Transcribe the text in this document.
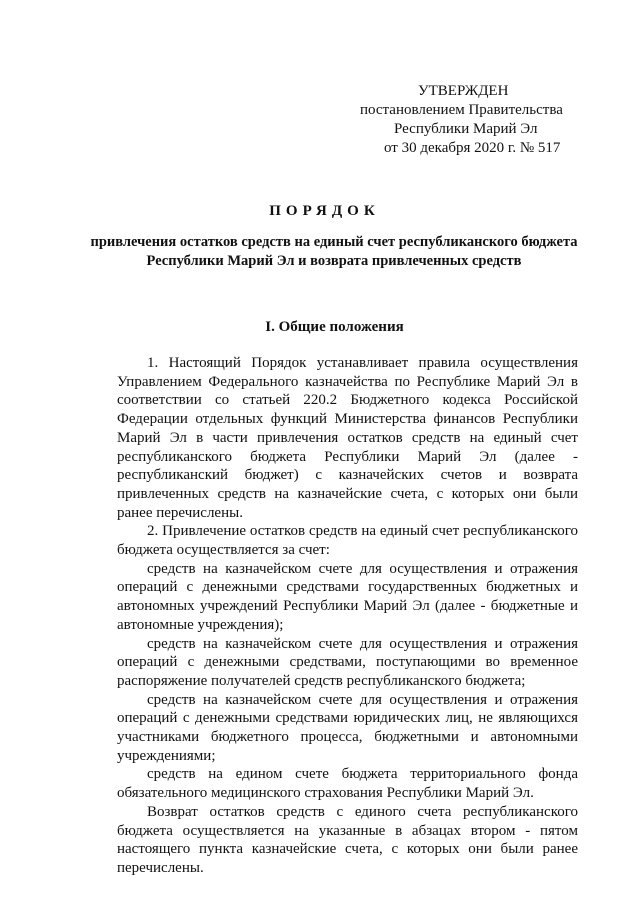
УТВЕРЖДЕН
постановлением Правительства
Республики Марий Эл
от 30 декабря 2020 г. № 517
ПОРЯДОК
привлечения остатков средств на единый счет республиканского бюджета Республики Марий Эл и возврата привлеченных средств
I. Общие положения

1. Настоящий Порядок устанавливает правила осуществления Управлением Федерального казначейства по Республике Марий Эл в соответствии со статьей 220.2 Бюджетного кодекса Российской Федерации отдельных функций Министерства финансов Республики Марий Эл в части привлечения остатков средств на единый счет республиканского бюджета Республики Марий Эл (далее - республиканский бюджет) с казначейских счетов и возврата привлеченных средств на казначейские счета, с которых они были ранее перечислены.

2. Привлечение остатков средств на единый счет республиканского бюджета осуществляется за счет:

средств на казначейском счете для осуществления и отражения операций с денежными средствами государственных бюджетных и автономных учреждений Республики Марий Эл (далее - бюджетные и автономные учреждения);

средств на казначейском счете для осуществления и отражения операций с денежными средствами, поступающими во временное распоряжение получателей средств республиканского бюджета;

средств на казначейском счете для осуществления и отражения операций с денежными средствами юридических лиц, не являющихся участниками бюджетного процесса, бюджетными и автономными учреждениями;

средств на едином счете бюджета территориального фонда обязательного медицинского страхования Республики Марий Эл.

Возврат остатков средств с единого счета республиканского бюджета осуществляется на указанные в абзацах втором - пятом настоящего пункта казначейские счета, с которых они были ранее перечислены.
